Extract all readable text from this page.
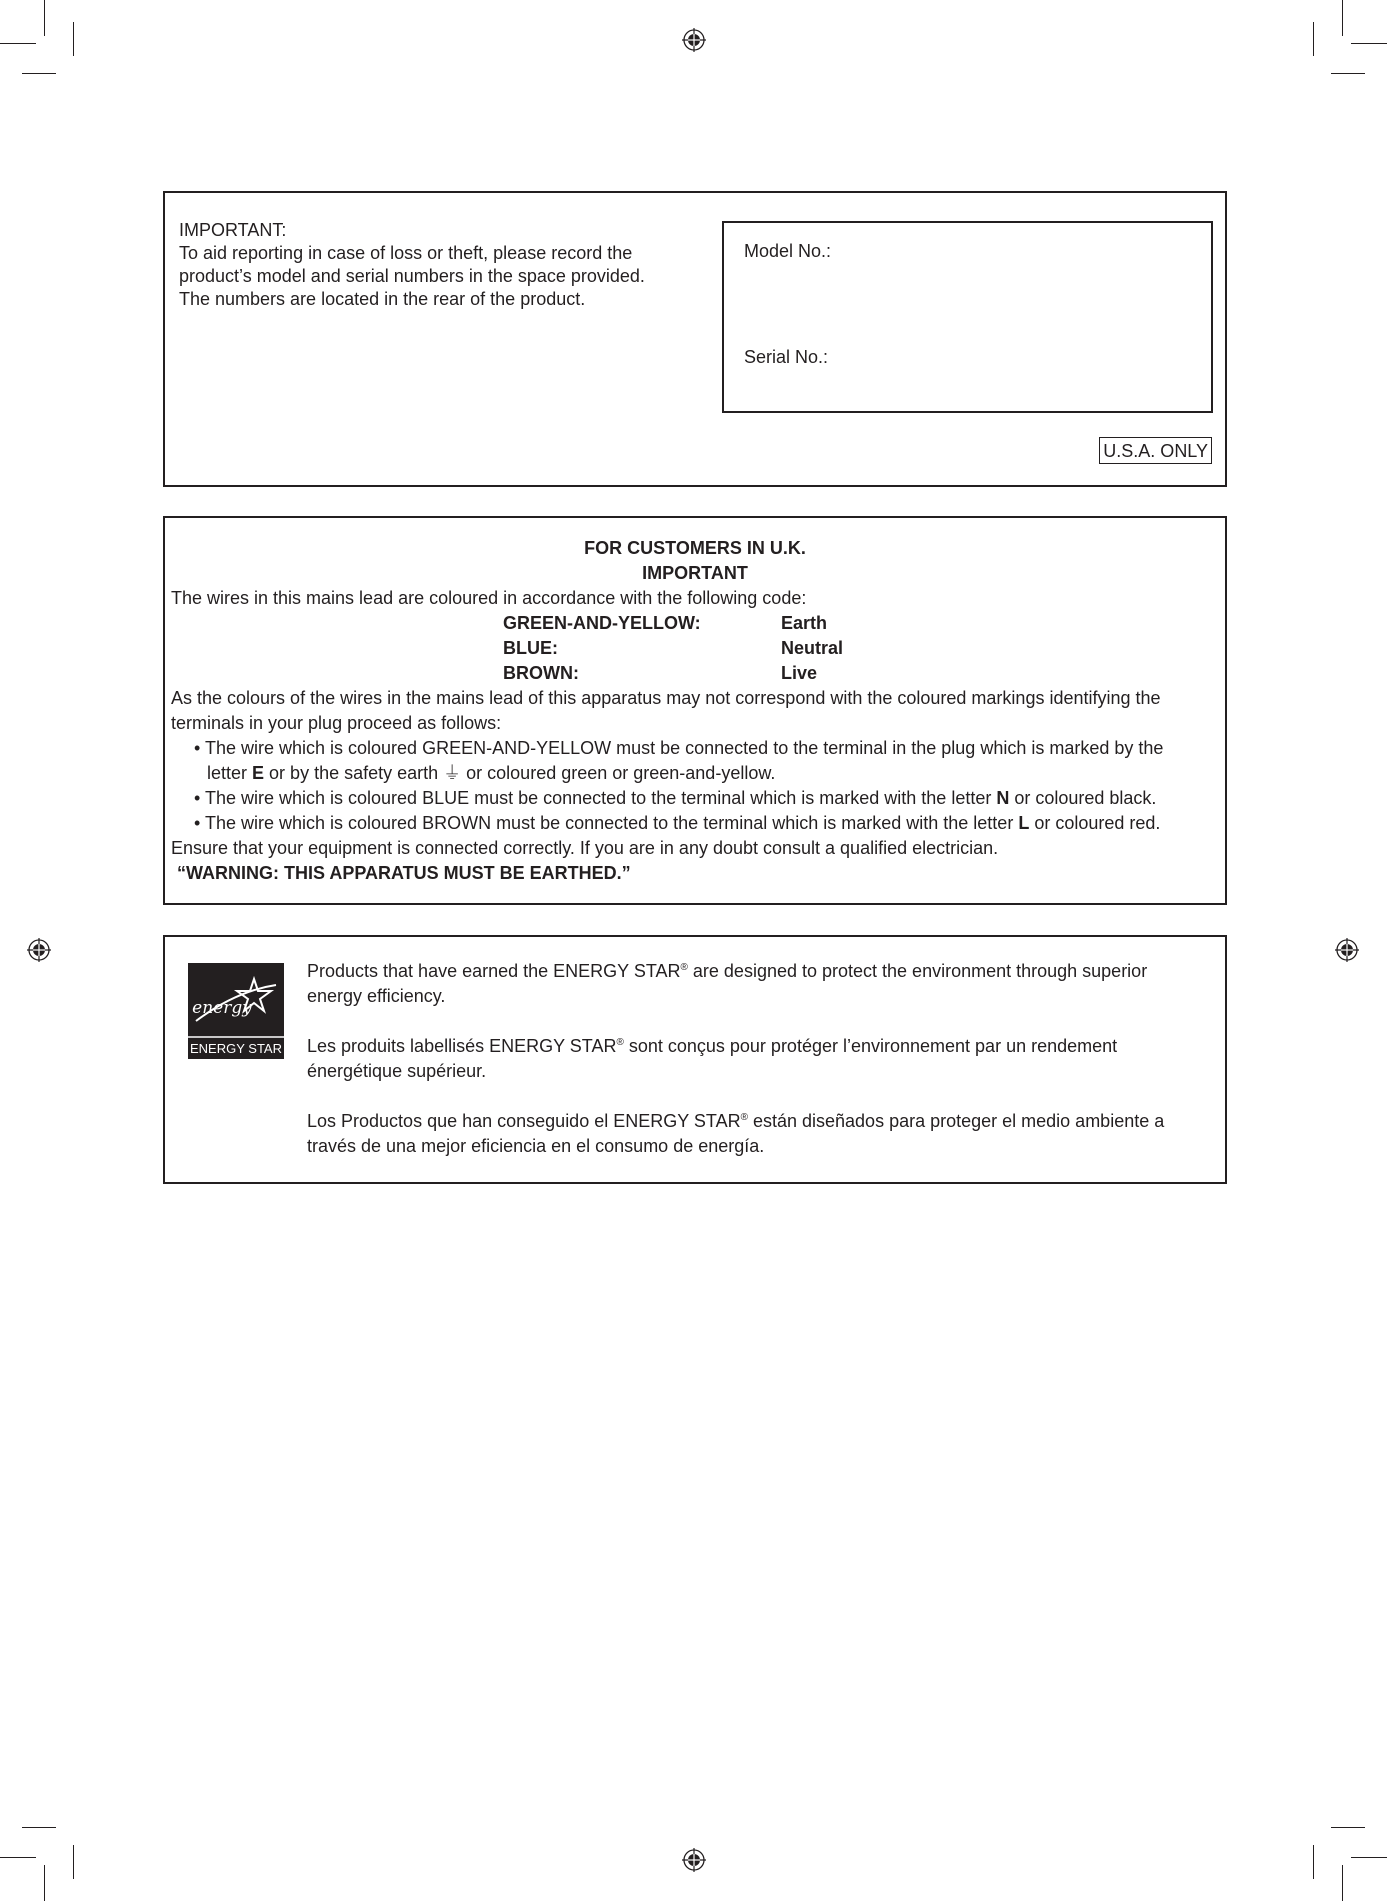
IMPORTANT:
To aid reporting in case of loss or theft, please record the
product’s model and serial numbers in the space provided.
The numbers are located in the rear of the product.
Model No.:
Serial No.:
U.S.A. ONLY
FOR CUSTOMERS IN U.K.
IMPORTANT
The wires in this mains lead are coloured in accordance with the following code:
GREEN-AND-YELLOW:	Earth
BLUE:	Neutral
BROWN:	Live
As the colours of the wires in the mains lead of this apparatus may not correspond with the coloured markings identifying the
terminals in your plug proceed as follows:
• The wire which is coloured GREEN-AND-YELLOW must be connected to the terminal in the plug which is marked by the
letter E or by the safety earth ⏚ or coloured green or green-and-yellow.
• The wire which is coloured BLUE must be connected to the terminal which is marked with the letter N or coloured black.
• The wire which is coloured BROWN must be connected to the terminal which is marked with the letter L or coloured red.
Ensure that your equipment is connected correctly. If you are in any doubt consult a qualified electrician.
“WARNING: THIS APPARATUS MUST BE EARTHED.”
energy
ENERGY STAR

Products that have earned the ENERGY STAR® are designed to protect the environment through superior energy efficiency.

Les produits labellisés ENERGY STAR® sont conçus pour protéger l’environnement par un rendement énergétique supérieur.

Los Productos que han conseguido el ENERGY STAR® están diseñados para proteger el medio ambiente a través de una mejor eficiencia en el consumo de energía.
